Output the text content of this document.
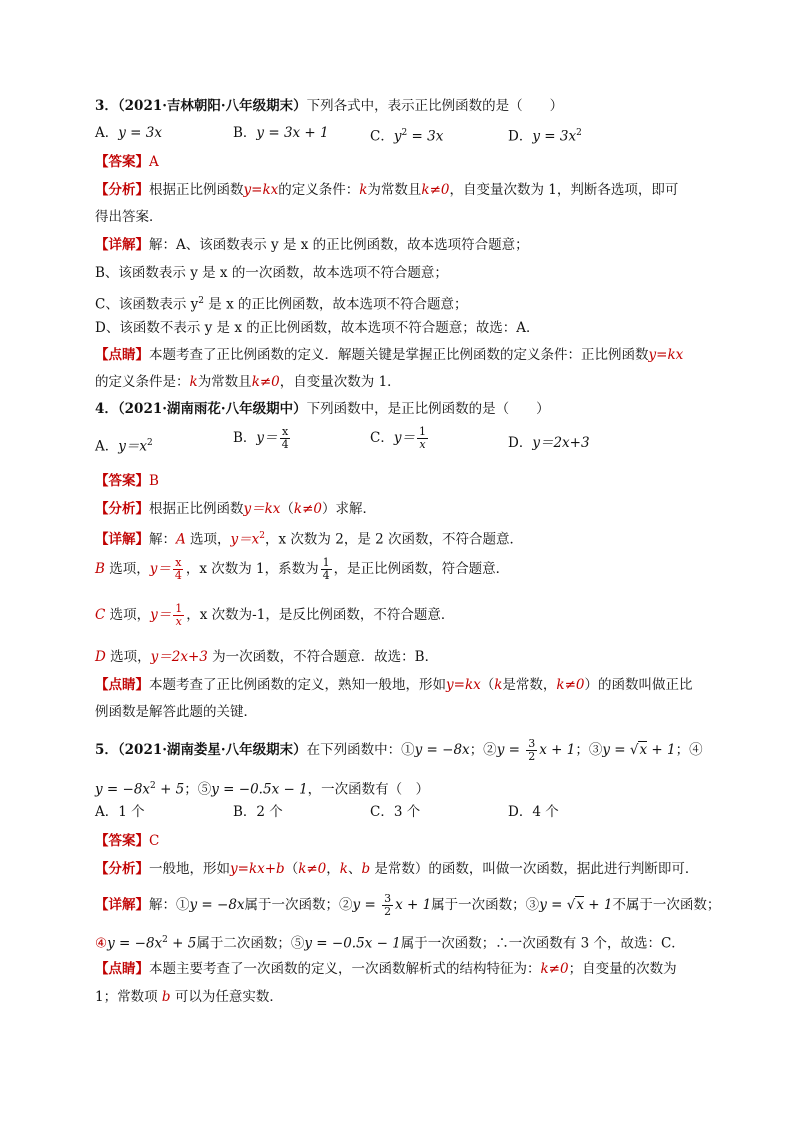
3．（2021·吉林朝阳·八年级期末）下列各式中，表示正比例函数的是（　　）
A．y = 3x	B．y = 3x + 1	C．$y^2 = 3x$	D．$y = 3x^2$
【答案】A
【分析】根据正比例函数y=kx的定义条件：k为常数且k≠0，自变量次数为 1，判断各选项，即可
得出答案．
【详解】解：A、该函数表示 y 是 x 的正比例函数，故本选项符合题意；
B、该函数表示 y 是 x 的一次函数，故本选项不符合题意；
C、该函数表示 $y^2$ 是 x 的正比例函数，故本选项不符合题意；
D、该函数不表示 y 是 x 的正比例函数，故本选项不符合题意；故选：A．
【点睛】本题考查了正比例函数的定义．解题关键是掌握正比例函数的定义条件：正比例函数y=kx
的定义条件是：k为常数且k≠0，自变量次数为 1．
4．（2021·湖南雨花·八年级期中）下列函数中，是正比例函数的是（　　）
A．$y=x^2$	B．$y= \frac{x}{4}$	C．$y= \frac{1}{x}$	D．y＝2x+3
【答案】B
【分析】根据正比例函数y＝kx（k≠0）求解．
【详解】解：A 选项，$y=x^2$，x 次数为 2，是 2 次函数，不符合题意．
B 选项，$y= \frac{x}{4}$ ，x 次数为 1，系数为 $\frac{1}{4}$ ，是正比例函数，符合题意．
C 选项，$y= \frac{1}{x}$ ，x 次数为-1，是反比例函数，不符合题意．
D 选项，y＝2x+3 为一次函数，不符合题意．故选：B．
【点睛】本题考查了正比例函数的定义，熟知一般地，形如y=kx（k是常数，k≠0）的函数叫做正比
例函数是解答此题的关键．
5．（2021·湖南娄星·八年级期末）在下列函数中：①y = −8x；②y = $\frac{3}{2}$ x + 1；③y = √x + 1；④
$y = -8x^2 + 5$；⑤y = −0.5x − 1，一次函数有（　）
A．1 个	B．2 个	C．3 个	D．4 个
【答案】C
【分析】一般地，形如y=kx+b（k≠0，k、b 是常数）的函数，叫做一次函数，据此进行判断即可．
【详解】解：①y = −8x属于一次函数；②y = $\frac{3}{2}$ x + 1属于一次函数；③y = √x + 1不属于一次函数；
④y = $-8x^2 + 5$属于二次函数；⑤y = −0.5x − 1属于一次函数；∴一次函数有 3 个，故选：C．
【点睛】本题主要考查了一次函数的定义，一次函数解析式的结构特征为：k≠0；自变量的次数为
1；常数项 b 可以为任意实数．
